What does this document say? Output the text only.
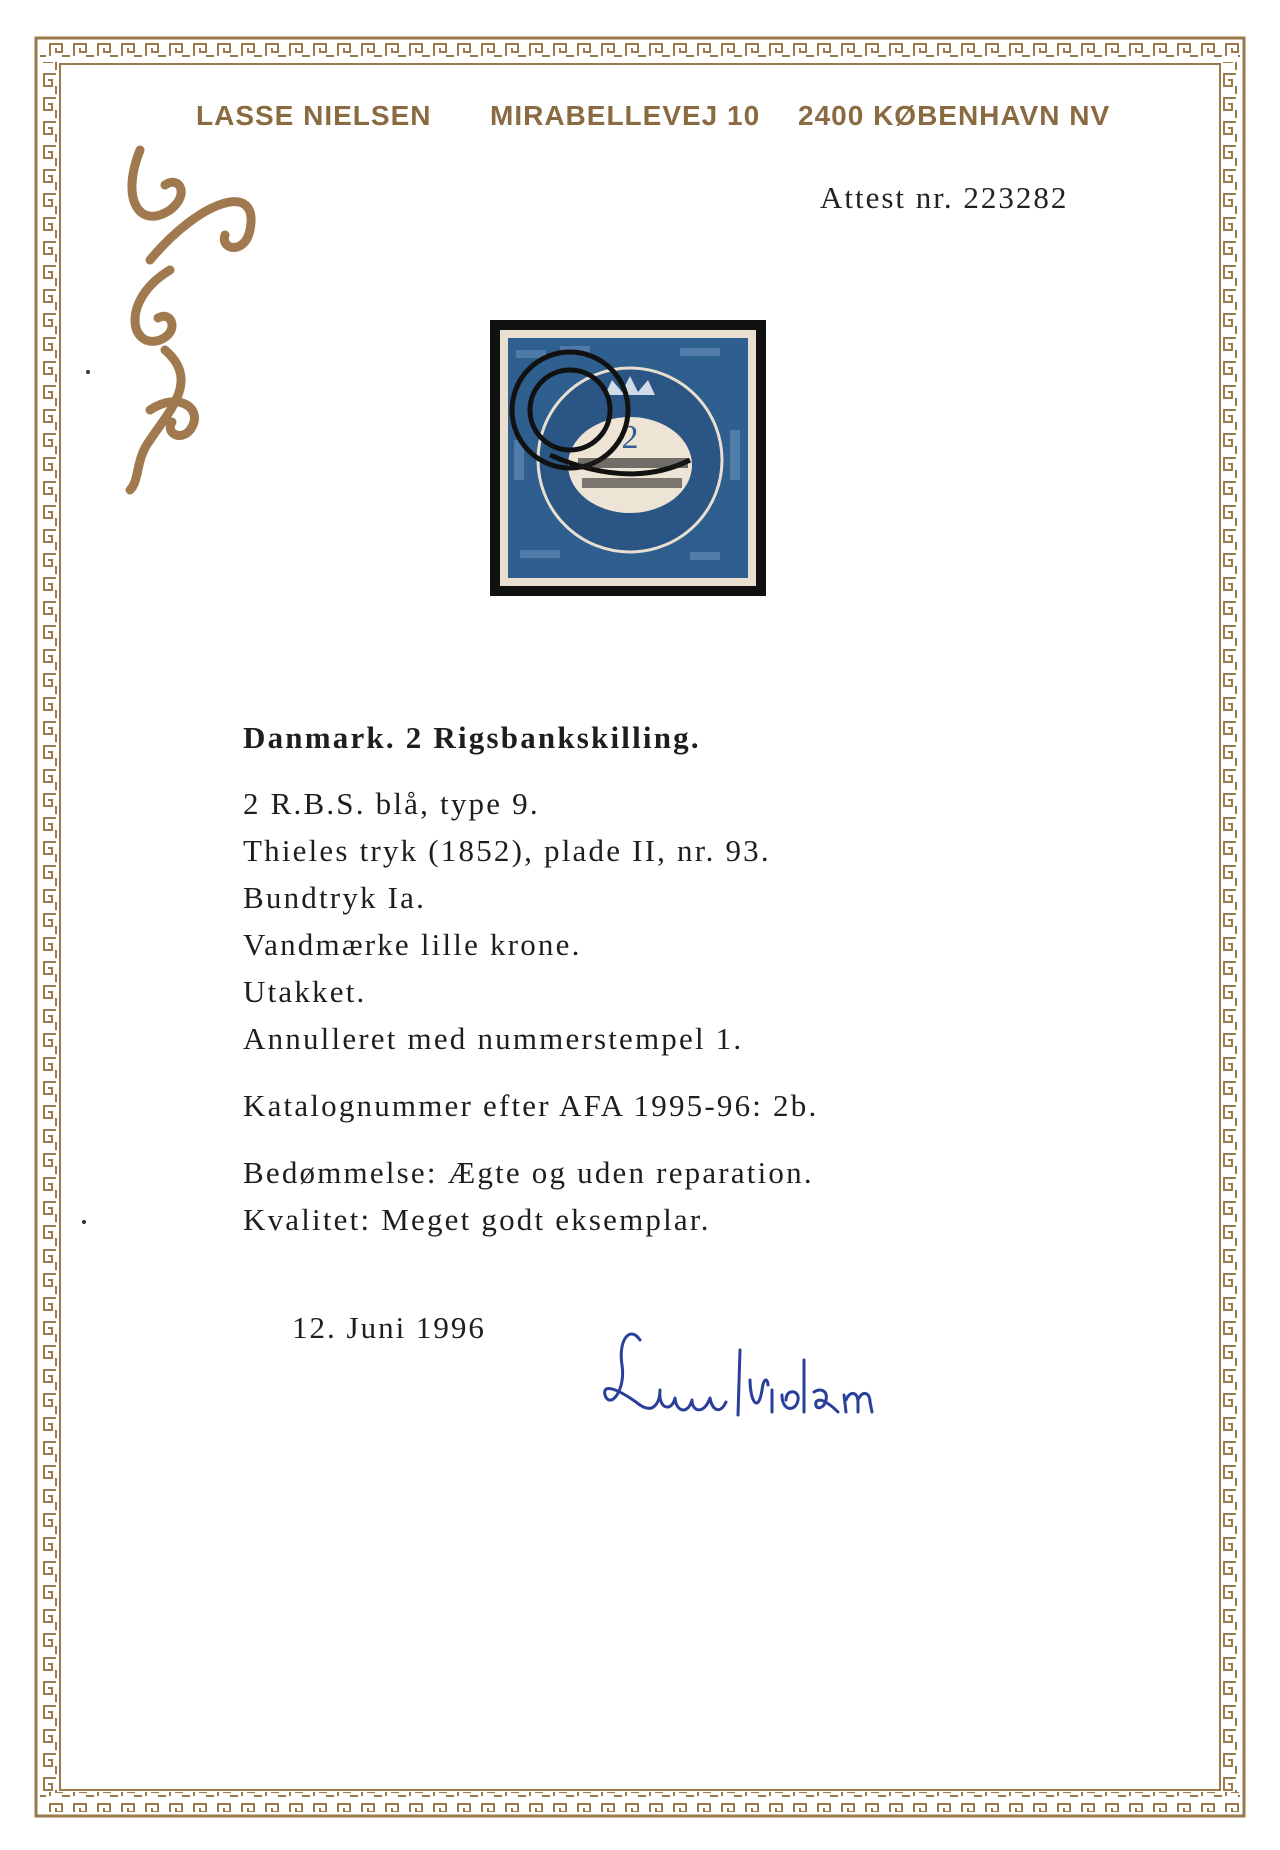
LASSE NIELSEN MIRABELLEVEJ 10 2400 KØBENHAVN NV
Attest nr. 223282
2
Danmark. 2 Rigsbankskilling.
2 R.B.S. blå, type 9.
Thieles tryk (1852), plade II, nr. 93.
Bundtryk Ia.
Vandmærke lille krone.
Utakket.
Annulleret med nummerstempel 1.
Katalognummer efter AFA 1995-96: 2b.
Bedømmelse: Ægte og uden reparation.
Kvalitet: Meget godt eksemplar.
12. Juni 1996
